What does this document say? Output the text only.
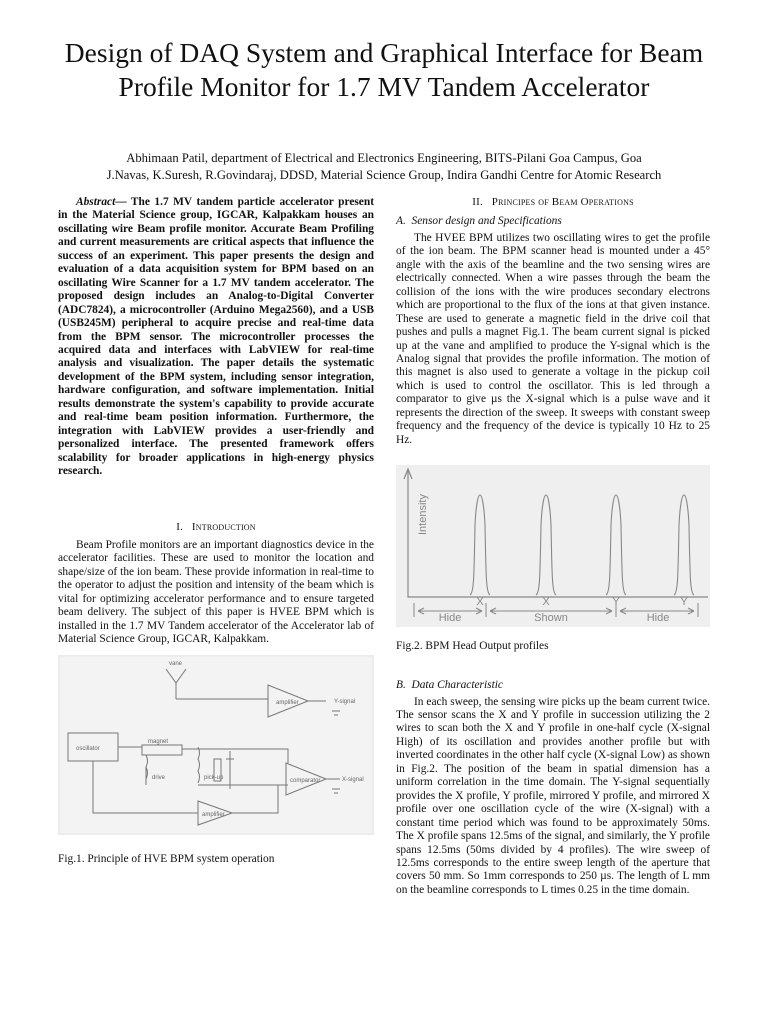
Design of DAQ System and Graphical Interface for Beam Profile Monitor for 1.7 MV Tandem Accelerator
Abhimaan Patil, department of Electrical and Electronics Engineering, BITS-Pilani Goa Campus, Goa
J.Navas, K.Suresh, R.Govindaraj, DDSD, Material Science Group, Indira Gandhi Centre for Atomic Research

Abstract— The 1.7 MV tandem particle accelerator present in the Material Science group, IGCAR, Kalpakkam houses an oscillating wire Beam profile monitor. Accurate Beam Profiling and current measurements are critical aspects that influence the success of an experiment. This paper presents the design and evaluation of a data acquisition system for BPM based on an oscillating Wire Scanner for a 1.7 MV tandem accelerator. The proposed design includes an Analog-to-Digital Converter (ADC7824), a microcontroller (Arduino Mega2560), and a USB (USB245M) peripheral to acquire precise and real-time data from the BPM sensor. The microcontroller processes the acquired data and interfaces with LabVIEW for real-time analysis and visualization. The paper details the systematic development of the BPM system, including sensor integration, hardware configuration, and software implementation. Initial results demonstrate the system's capability to provide accurate and real-time beam position information. Furthermore, the integration with LabVIEW provides a user-friendly and personalized interface. The presented framework offers scalability for broader applications in high-energy physics research.

I. Introduction

Beam Profile monitors are an important diagnostics device in the accelerator facilities. These are used to monitor the location and shape/size of the ion beam. These provide information in real-time to the operator to adjust the position and intensity of the beam which is vital for optimizing accelerator performance and to ensure targeted beam delivery. The subject of this paper is HVEE BPM which is installed in the 1.7 MV Tandem accelerator of the Accelerator lab of Material Science Group, IGCAR, Kalpakkam.

vane
oscillator
magnet
drive	pick-up
amplifier
comparator
amplifier
Y-signal
X-signal
Fig.1. Principle of HVE BPM system operation
II. Principes of Beam Operations
A. Sensor design and Specifications

The HVEE BPM utilizes two oscillating wires to get the profile of the ion beam. The BPM scanner head is mounted under a 45° angle with the axis of the beamline and the two sensing wires are electrically connected. When a wire passes through the beam the collision of the ions with the wire produces secondary electrons which are proportional to the flux of the ions at that given instance. These are used to generate a magnetic field in the drive coil that pushes and pulls a magnet Fig.1. The beam current signal is picked up at the vane and amplified to produce the Y-signal which is the Analog signal that provides the profile information. The motion of this magnet is also used to generate a voltage in the pickup coil which is used to control the oscillator. This is led through a comparator to give µs the X-signal which is a pulse wave and it represents the direction of the sweep. It sweeps with constant sweep frequency and the frequency of the device is typically 10 Hz to 25 Hz.

Intensity
X	X	Y	Y
Hide	Shown	Hide
Fig.2. BPM Head Output profiles
B. Data Characteristic

In each sweep, the sensing wire picks up the beam current twice. The sensor scans the X and Y profile in succession utilizing the 2 wires to scan both the X and Y profile in one-half cycle (X-signal High) of its oscillation and provides another profile but with inverted coordinates in the other half cycle (X-signal Low) as shown in Fig.2. The position of the beam in spatial dimension has a uniform correlation in the time domain. The Y-signal sequentially provides the X profile, Y profile, mirrored Y profile, and mirrored X profile over one oscillation cycle of the wire (X-signal) with a constant time period which was found to be approximately 50ms. The X profile spans 12.5ms of the signal, and similarly, the Y profile spans 12.5ms (50ms divided by 4 profiles). The wire sweep of 12.5ms corresponds to the entire sweep length of the aperture that covers 50 mm. So 1mm corresponds to 250 µs. The length of L mm on the beamline corresponds to L times 0.25 in the time domain.
